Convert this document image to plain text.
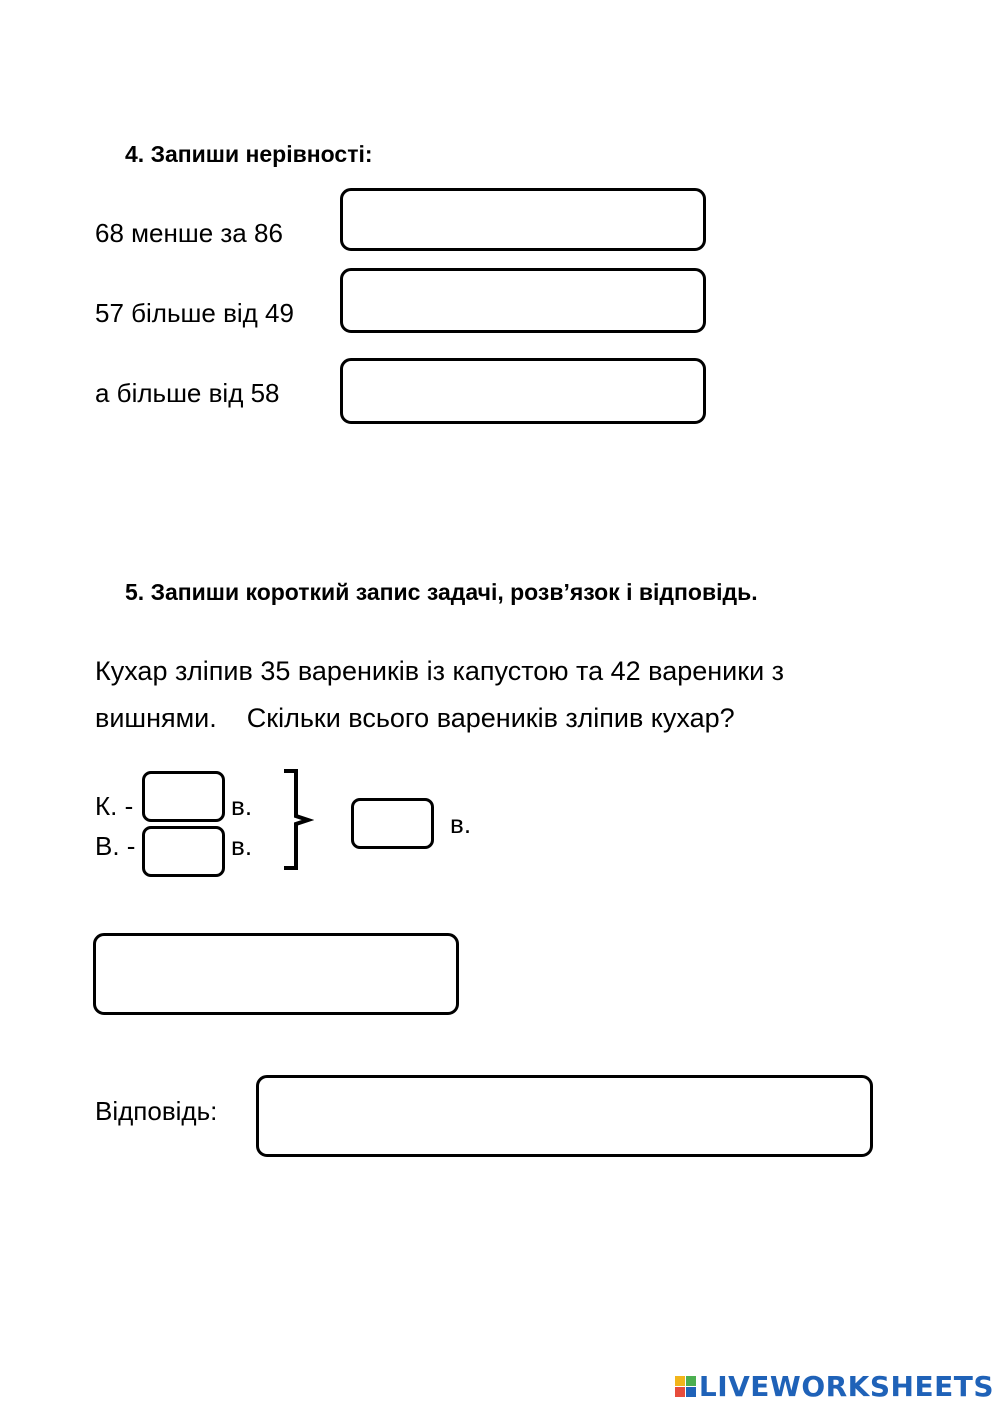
4. Запиши нерівності:
68 менше за 86
57 більше від 49
а більше від 58
5. Запиши короткий запис задачі, розв’язок і відповідь.
Кухар зліпив 35 вареників із капустою та 42 вареники з
вишнями.    Скільки всього вареників зліпив кухар?
К. -	в.
В. -	в.
в.
Відповідь:
LIVEWORKSHEETS
